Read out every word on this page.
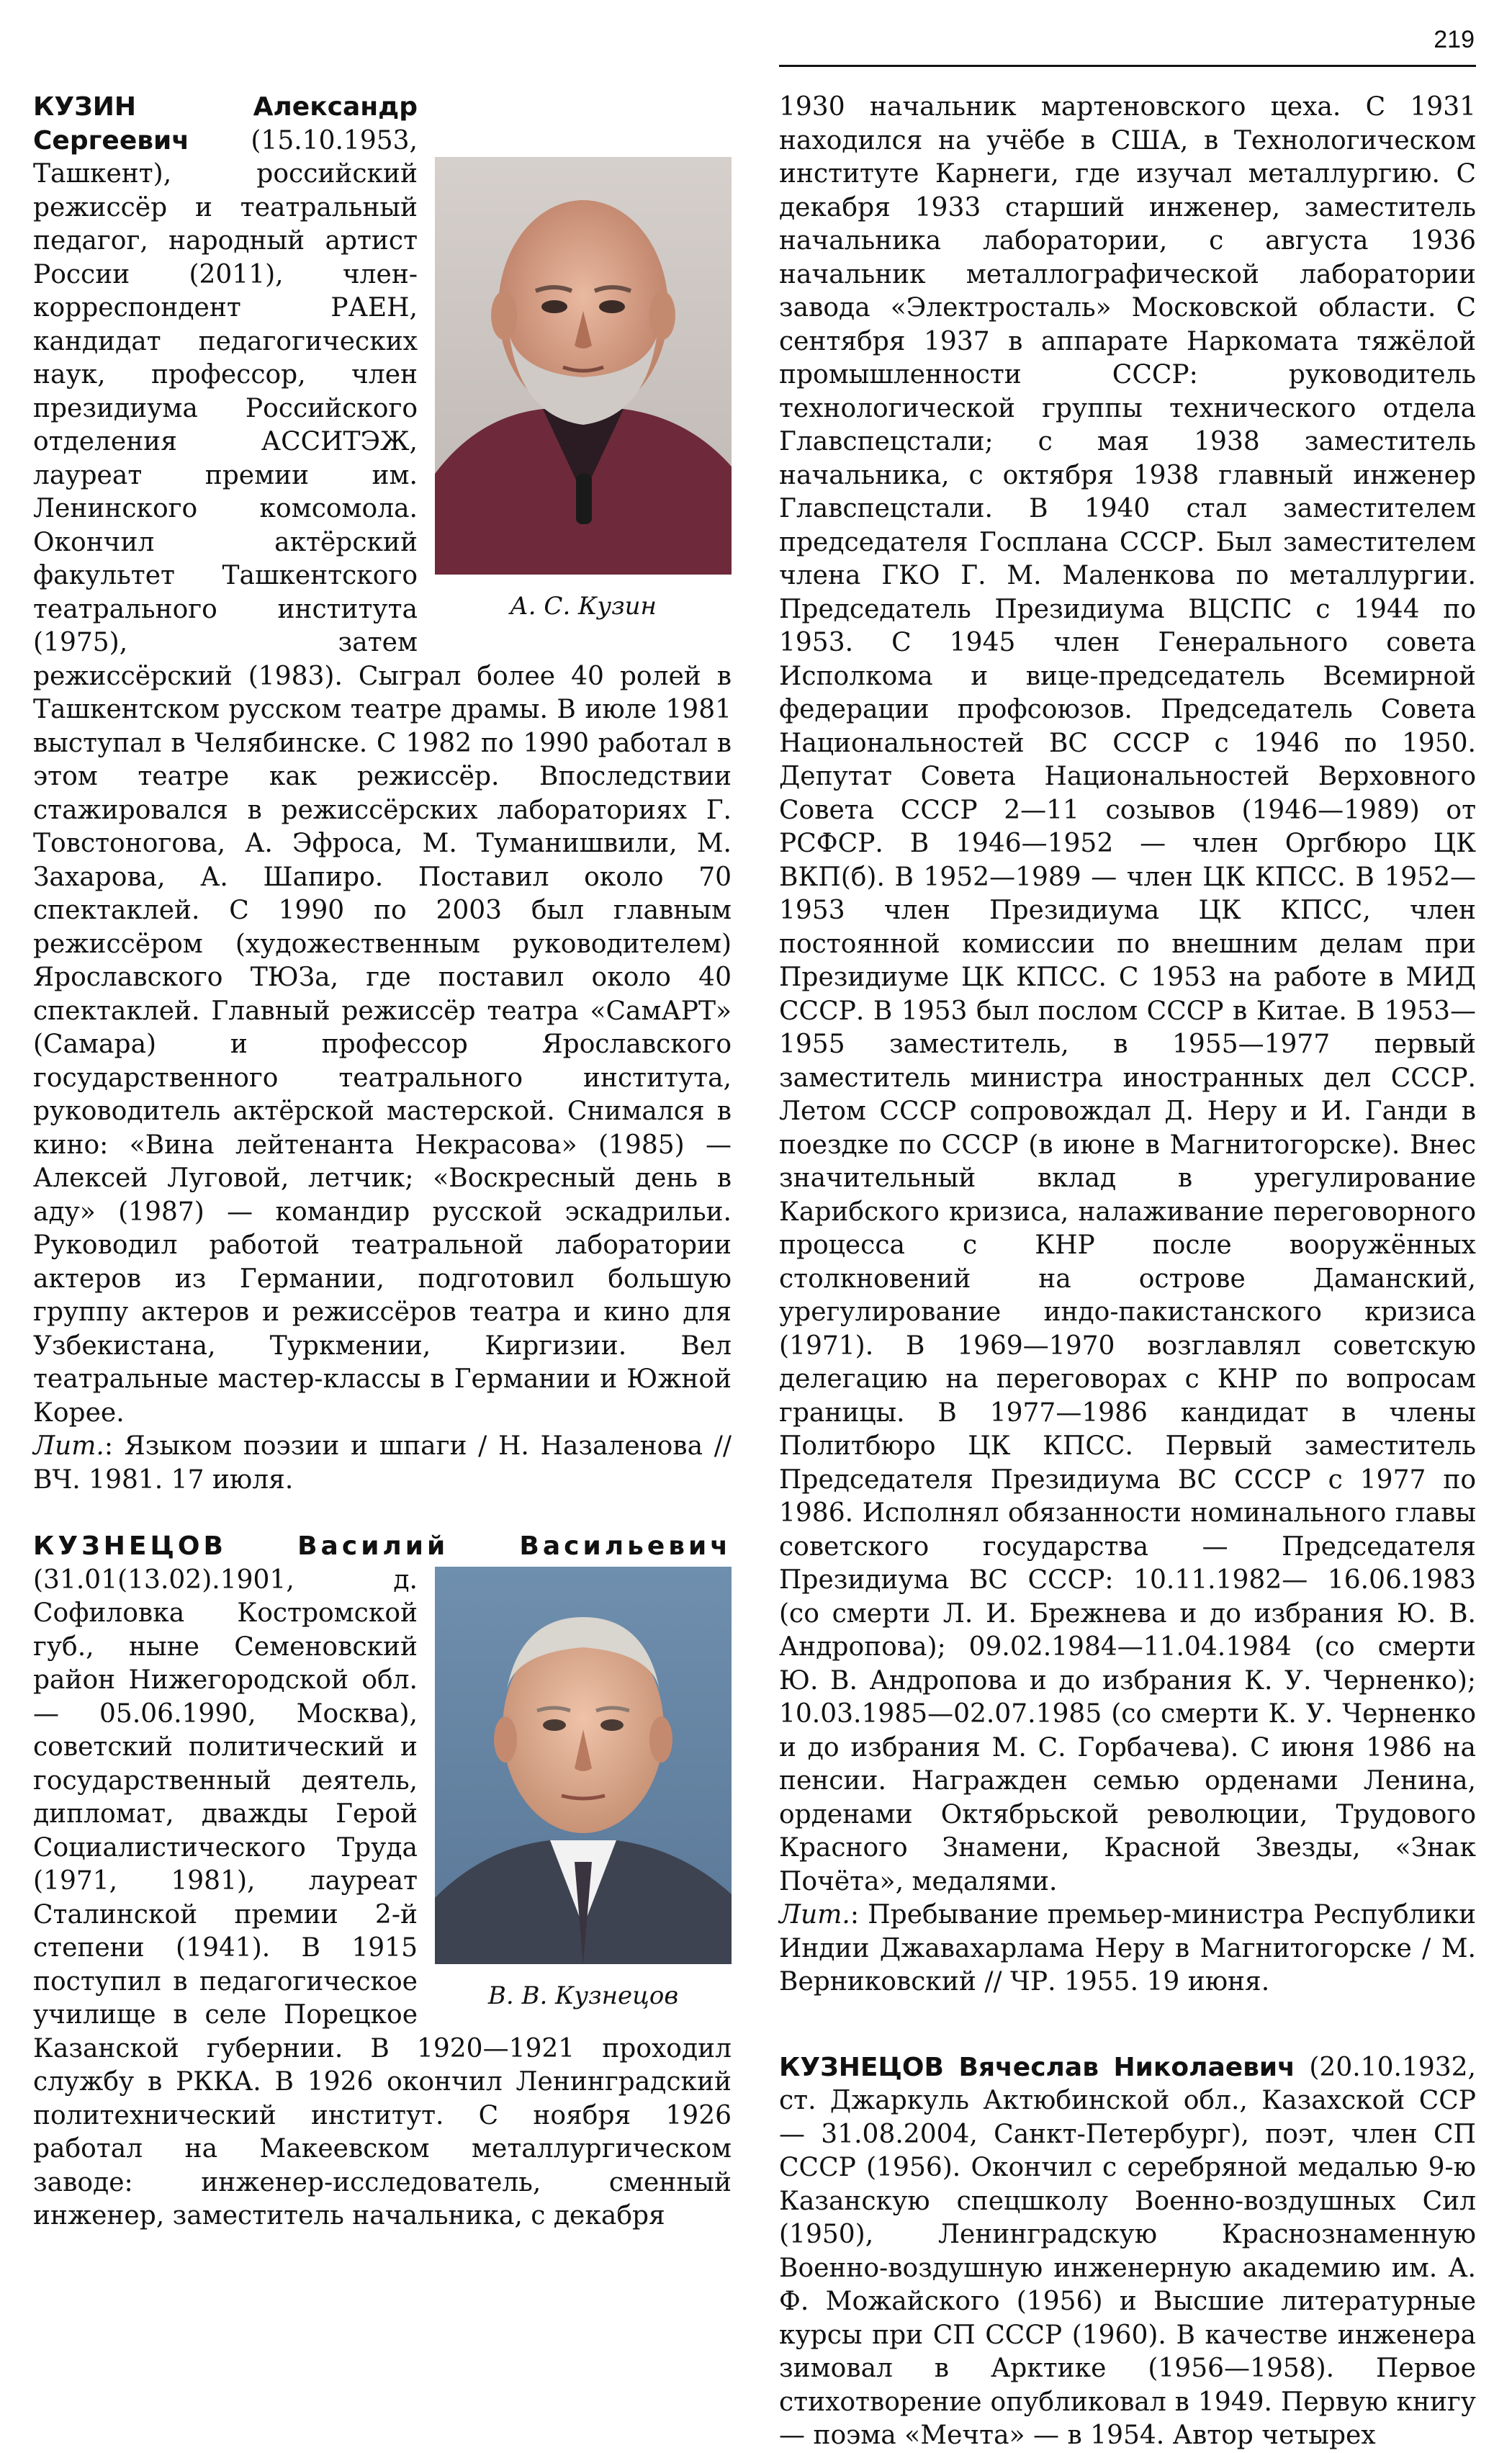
219
А. С. Кузин

КУЗИН Александр Сергеевич (15.10.1953, Ташкент), российский режиссёр и театральный педагог, народный артист России (2011), член-корреспондент РАЕН, кандидат педагогических наук, профессор, член президиума Российского отделения АССИТЭЖ, лауреат премии им. Ленинского комсомола. Окончил актёрский факультет Ташкентского театрального института (1975), затем режиссёрский (1983). Сыграл более 40 ролей в Ташкентском русском театре драмы. В июле 1981 выступал в Челябинске. С 1982 по 1990 работал в этом театре как режиссёр. Впоследствии стажировался в режиссёрских лабораториях Г. Товстоногова, А. Эфроса, М. Туманишвили, М. Захарова, А. Шапиро. Поставил около 70 спектаклей. С 1990 по 2003 был главным режиссёром (художественным руководителем) Ярославского ТЮЗа, где поставил около 40 спектаклей. Главный режиссёр театра «СамАРТ» (Самара) и профессор Ярославского государственного театрального института, руководитель актёрской мастерской. Снимался в кино: «Вина лейтенанта Некрасова» (1985) — Алексей Луговой, летчик; «Воскресный день в аду» (1987) — командир русской эскадрильи. Руководил работой театральной лаборатории актеров из Германии, подготовил большую группу актеров и режиссёров театра и кино для Узбекистана, Туркмении, Киргизии. Вел театральные мастер-классы в Германии и Южной Корее.

Лит.: Языком поэзии и шпаги / Н. Назаленова // ВЧ. 1981. 17 июля.

КУЗНЕЦОВ Василий Васильевич
В. В. Кузнецов
(31.01(13.02).1901, д. Софиловка Костромской губ., ныне Семеновский район Нижегородской обл. — 05.06.1990, Москва), советский политический и государственный деятель, дипломат, дважды Герой Социалистического Труда (1971, 1981), лауреат Сталинской премии 2-й степени (1941). В 1915 поступил в педагогическое училище в селе Порецкое Казанской губернии. В 1920—1921 проходил службу в РККА. В 1926 окончил Ленинградский политехнический институт. С ноября 1926 работал на Макеевском металлургическом заводе: инженер-исследователь, сменный инженер, заместитель начальника, с декабря

1930 начальник мартеновского цеха. С 1931 находился на учёбе в США, в Технологическом институте Карнеги, где изучал металлургию. С декабря 1933 старший инженер, заместитель начальника лаборатории, с августа 1936 начальник металлографической лаборатории завода «Электросталь» Московской области. С сентября 1937 в аппарате Наркомата тяжёлой промышленности СССР: руководитель технологической группы технического отдела Главспецстали; с мая 1938 заместитель начальника, с октября 1938 главный инженер Главспецстали. В 1940 стал заместителем председателя Госплана СССР. Был заместителем члена ГКО Г. М. Маленкова по металлургии. Председатель Президиума ВЦСПС с 1944 по 1953. С 1945 член Генерального совета Исполкома и вице-председатель Всемирной федерации профсоюзов. Председатель Совета Национальностей ВС СССР с 1946 по 1950. Депутат Совета Национальностей Верховного Совета СССР 2—11 созывов (1946—1989) от РСФСР. В 1946—1952 — член Оргбюро ЦК ВКП(б). В 1952—1989 — член ЦК КПСС. В 1952—1953 член Президиума ЦК КПСС, член постоянной комиссии по внешним делам при Президиуме ЦК КПСС. С 1953 на работе в МИД СССР. В 1953 был послом СССР в Китае. В 1953—1955 заместитель, в 1955—1977 первый заместитель министра иностранных дел СССР. Летом СССР сопровождал Д. Неру и И. Ганди в поездке по СССР (в июне в Магнитогорске). Внес значительный вклад в урегулирование Карибского кризиса, налаживание переговорного процесса с КНР после вооружённых столкновений на острове Даманский, урегулирование индо-пакистанского кризиса (1971). В 1969—1970 возглавлял советскую делегацию на переговорах с КНР по вопросам границы. В 1977—1986 кандидат в члены Политбюро ЦК КПСС. Первый заместитель Председателя Президиума ВС СССР с 1977 по 1986. Исполнял обязанности номинального главы советского государства — Председателя Президиума ВС СССР: 10.11.1982— 16.06.1983 (со смерти Л. И. Брежнева и до избрания Ю. В. Андропова); 09.02.1984—11.04.1984 (со смерти Ю. В. Андропова и до избрания К. У. Черненко); 10.03.1985—02.07.1985 (со смерти К. У. Черненко и до избрания М. С. Горбачева). С июня 1986 на пенсии. Награжден семью орденами Ленина, орденами Октябрьской революции, Трудового Красного Знамени, Красной Звезды, «Знак Почёта», медалями.

Лит.: Пребывание премьер-министра Республики Индии Джавахарлама Неру в Магнитогорске / М. Верниковский // ЧР. 1955. 19 июня.

КУЗНЕЦОВ Вячеслав Николаевич (20.10.1932, ст. Джаркуль Актюбинской обл., Казахской ССР — 31.08.2004, Санкт-Петербург), поэт, член СП СССР (1956). Окончил с серебряной медалью 9-ю Казанскую спецшколу Военно-воздушных Сил (1950), Ленинградскую Краснознаменную Военно-воздушную инженерную академию им. А. Ф. Можайского (1956) и Высшие литературные курсы при СП СССР (1960). В качестве инженера зимовал в Арктике (1956—1958). Первое стихотворение опубликовал в 1949. Первую книгу — поэма «Мечта» — в 1954. Автор четырех
